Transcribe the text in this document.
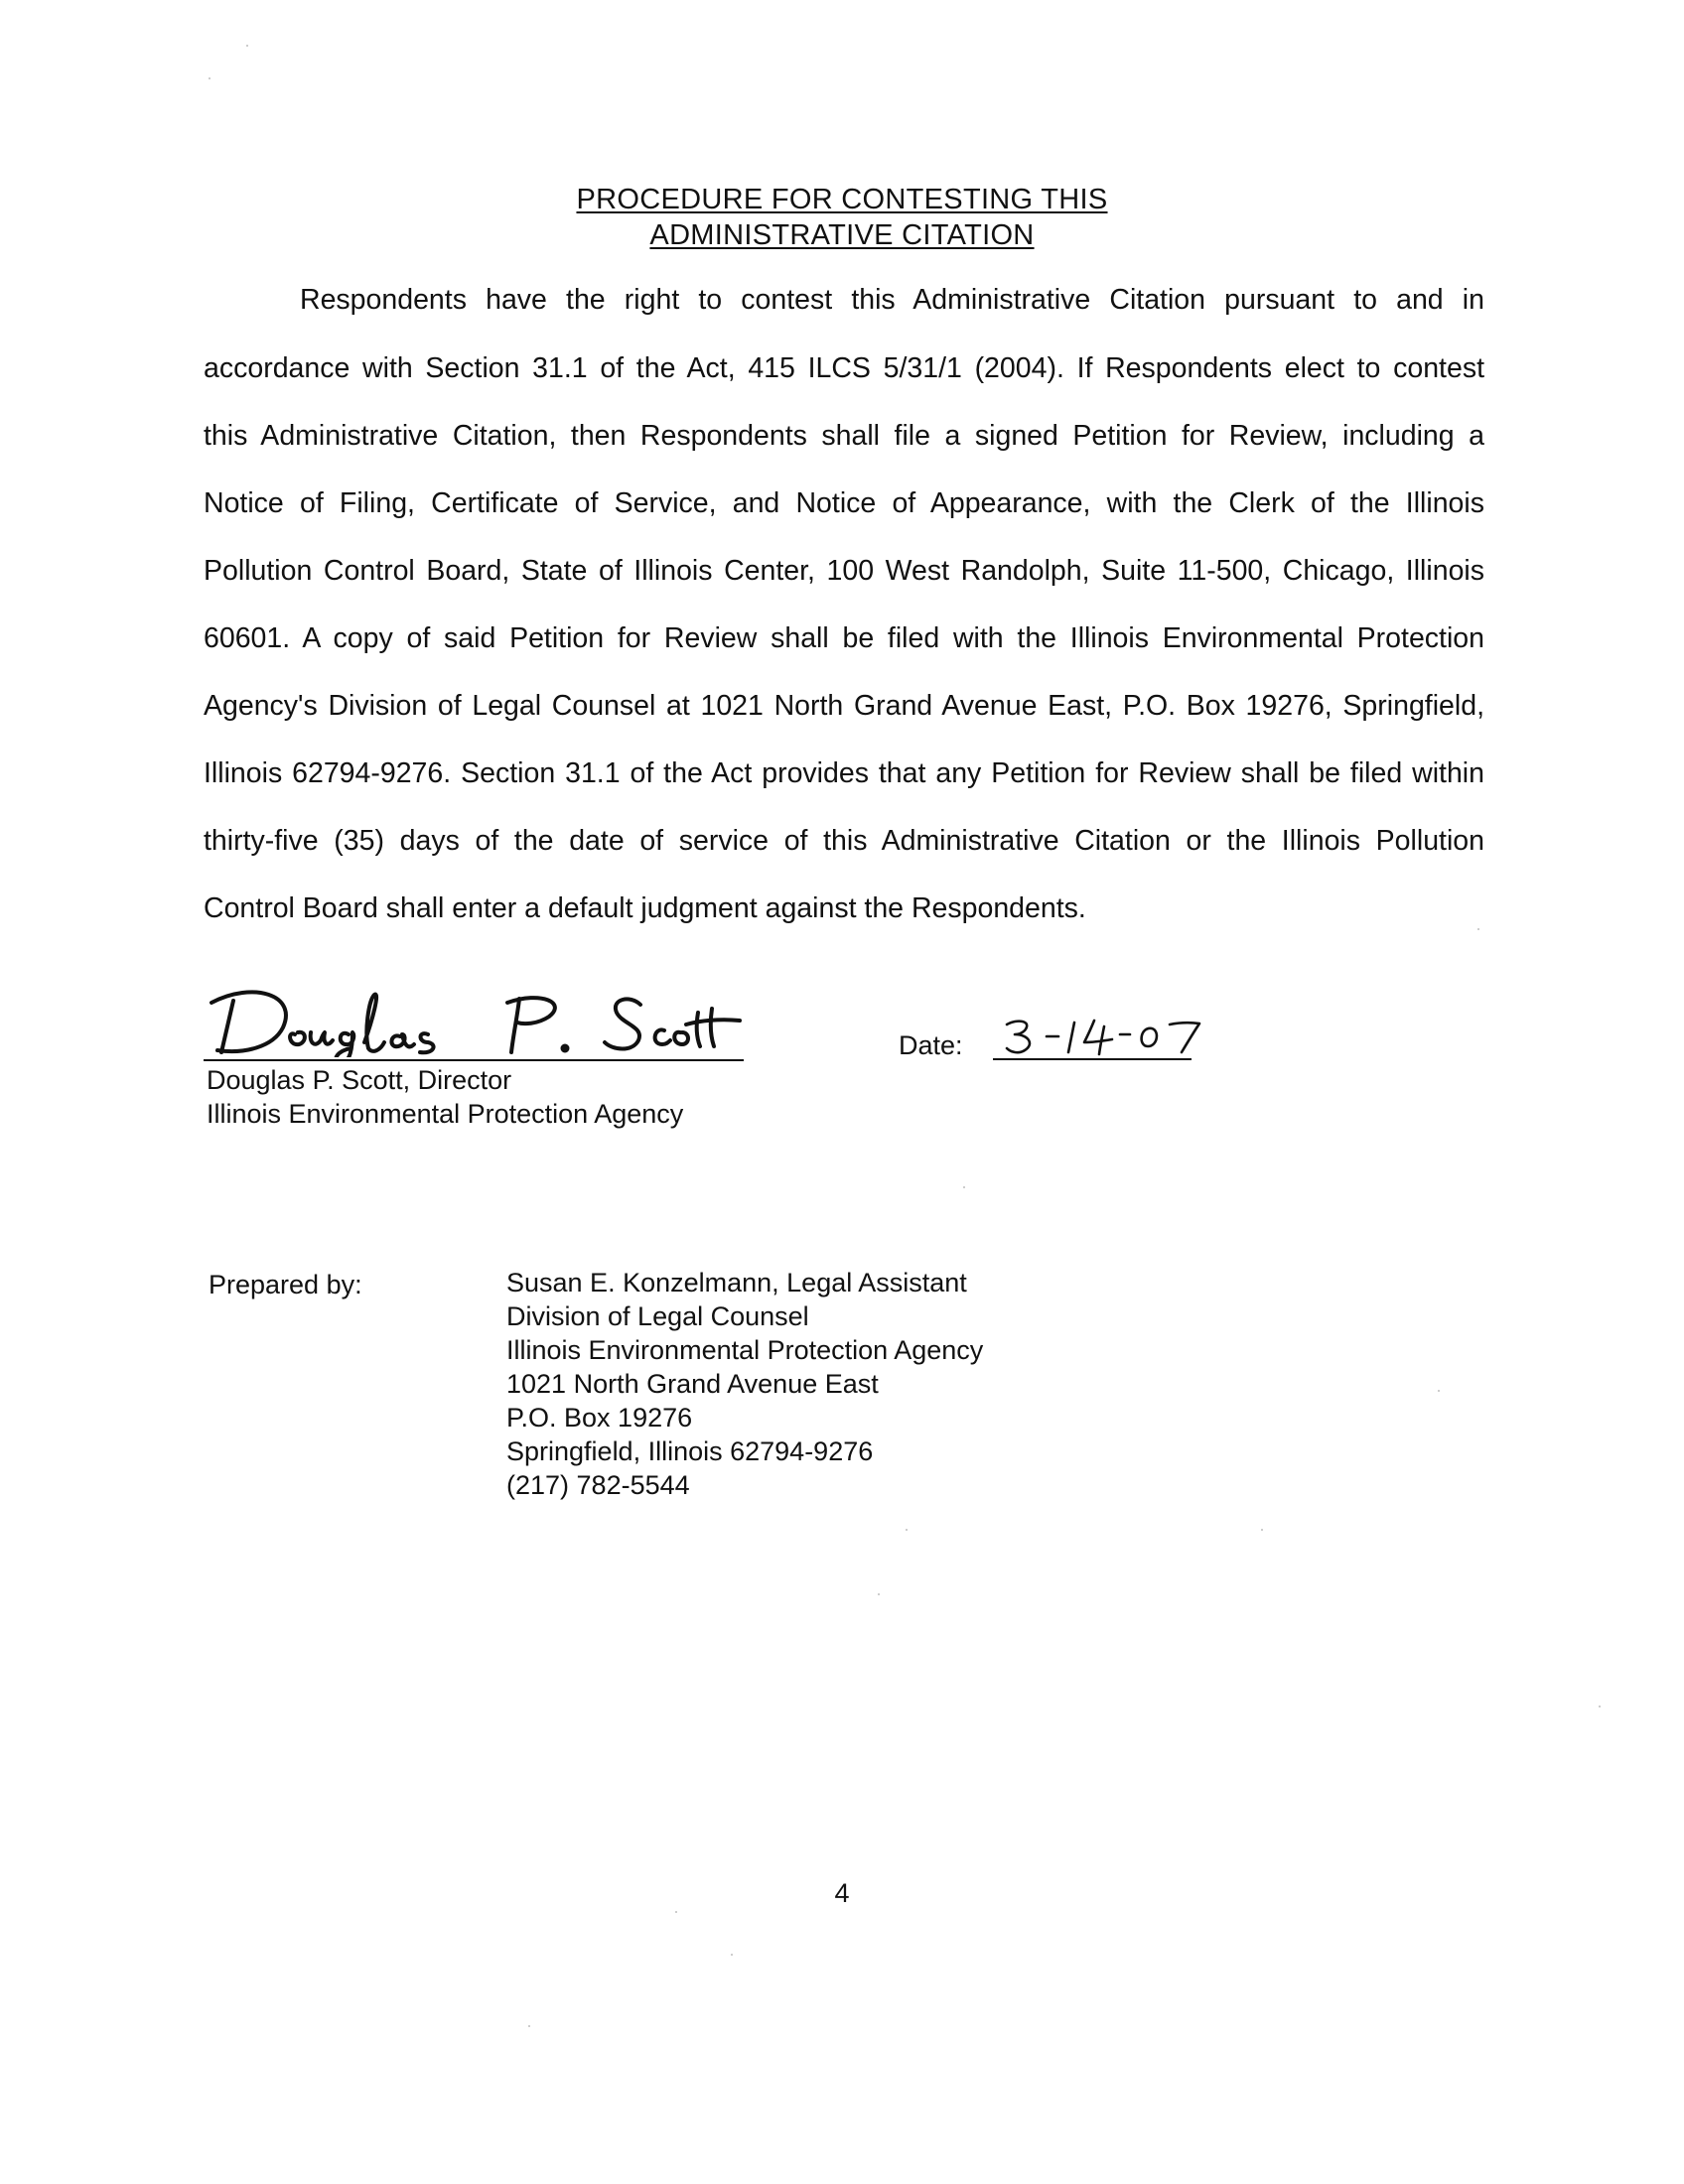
PROCEDURE FOR CONTESTING THIS
ADMINISTRATIVE CITATION
Respondents have the right to contest this Administrative Citation pursuant to and in
accordance with Section 31.1 of the Act, 415 ILCS 5/31/1 (2004). If Respondents elect to contest
this Administrative Citation, then Respondents shall file a signed Petition for Review, including a
Notice of Filing, Certificate of Service, and Notice of Appearance, with the Clerk of the Illinois
Pollution Control Board, State of Illinois Center, 100 West Randolph, Suite 11-500, Chicago, Illinois
60601. A copy of said Petition for Review shall be filed with the Illinois Environmental Protection
Agency's Division of Legal Counsel at 1021 North Grand Avenue East, P.O. Box 19276, Springfield,
Illinois 62794-9276. Section 31.1 of the Act provides that any Petition for Review shall be filed within
thirty-five (35) days of the date of service of this Administrative Citation or the Illinois Pollution
Control Board shall enter a default judgment against the Respondents.
Douglas P. Scott, Director
Illinois Environmental Protection Agency
Date:
Prepared by:	Susan E. Konzelmann, Legal Assistant
Division of Legal Counsel
Illinois Environmental Protection Agency
1021 North Grand Avenue East
P.O. Box 19276
Springfield, Illinois 62794-9276
(217) 782-5544
4
